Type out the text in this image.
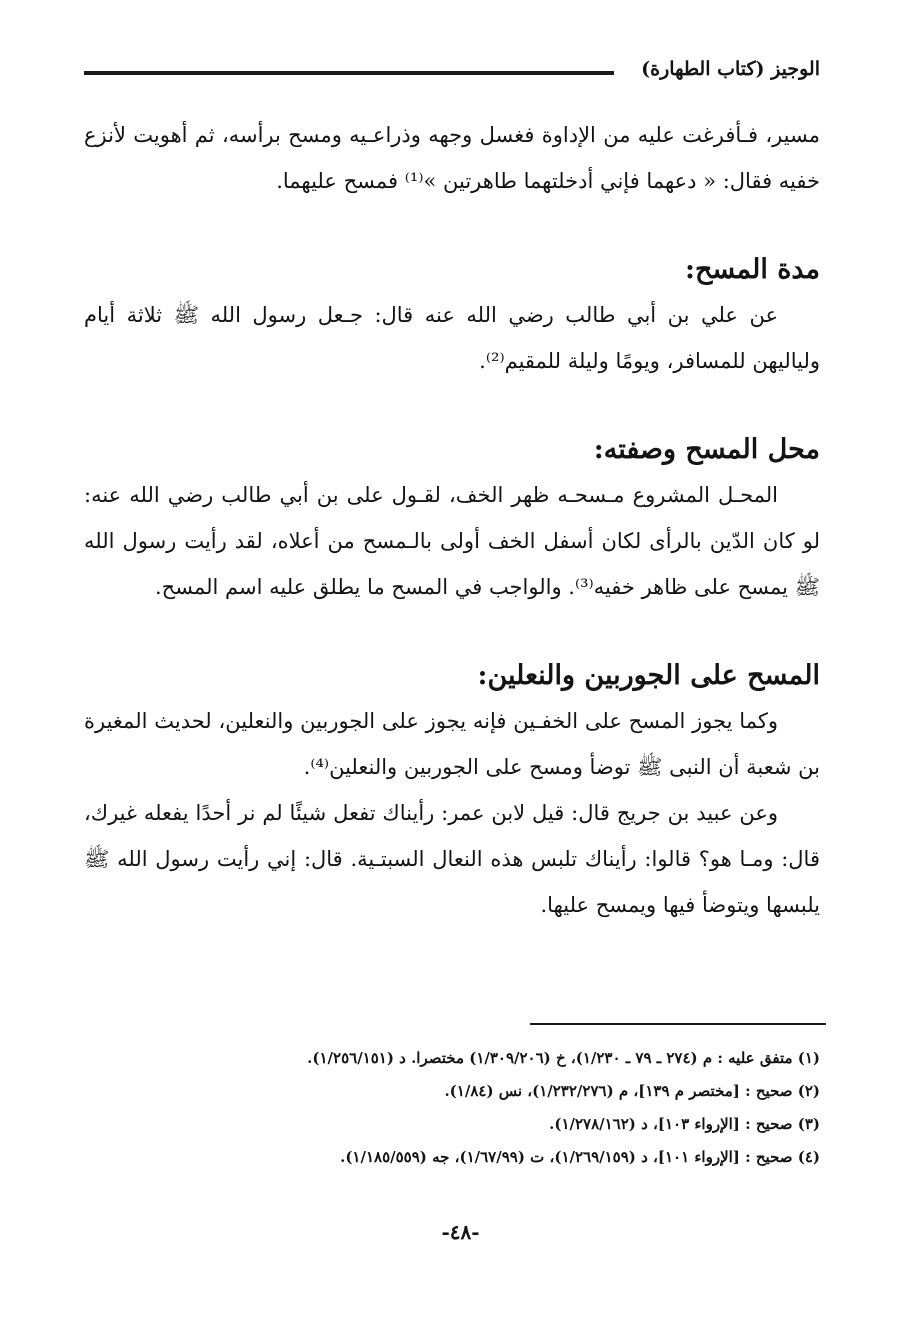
الوجيز (كتاب الطهارة)

مسير، فـأفرغت عليه من الإداوة فغسل وجهه وذراعـيه ومسح برأسه، ثم أهويت لأنزع خفيه فقال: « دعهما فإني أدخلتهما طاهرتين »⁽¹⁾ فمسح عليهما.

مدة المسح:

عن علي بن أبي طالب رضي الله عنه قال: جـعل رسول الله ﷺ ثلاثة أيام ولياليهن للمسافر، ويومًا وليلة للمقيم⁽²⁾.

محل المسح وصفته:

المحـل المشروع مـسحـه ظهر الخف، لقـول على بن أبي طالب رضي الله عنه: لو كان الدّين بالرأى لكان أسفل الخف أولى بالـمسح من أعلاه، لقد رأيت رسول الله ﷺ يمسح على ظاهر خفيه⁽³⁾. والواجب في المسح ما يطلق عليه اسم المسح.

المسح على الجوربين والنعلين:

وكما يجوز المسح على الخفـين فإنه يجوز على الجوربين والنعلين، لحديث المغيرة بن شعبة أن النبى ﷺ توضأ ومسح على الجوربين والنعلين⁽⁴⁾.

وعن عبيد بن جريج قال: قيل لابن عمر: رأيناك تفعل شيئًا لم نر أحدًا يفعله غيرك، قال: ومـا هو؟ قالوا: رأيناك تلبس هذه النعال السبتـية. قال: إني رأيت رسول الله ﷺ يلبسها ويتوضأ فيها ويمسح عليها.

(١) متفق عليه : م (٢٧٤ ـ ٧٩ ـ ١/٢٣٠)، خ (١/٣٠٩/٢٠٦) مختصرا. د (١/٢٥٦/١٥١).
(٢) صحيح : [مختصر م ١٣٩]، م (١/٢٣٢/٢٧٦)، نس (١/٨٤).
(٣) صحيح : [الإرواء ١٠٣]، د (١/٢٧٨/١٦٢).
(٤) صحيح : [الإرواء ١٠١]، د (١/٢٦٩/١٥٩)، ت (١/٦٧/٩٩)، جه (١/١٨٥/٥٥٩).
-٤٨-
